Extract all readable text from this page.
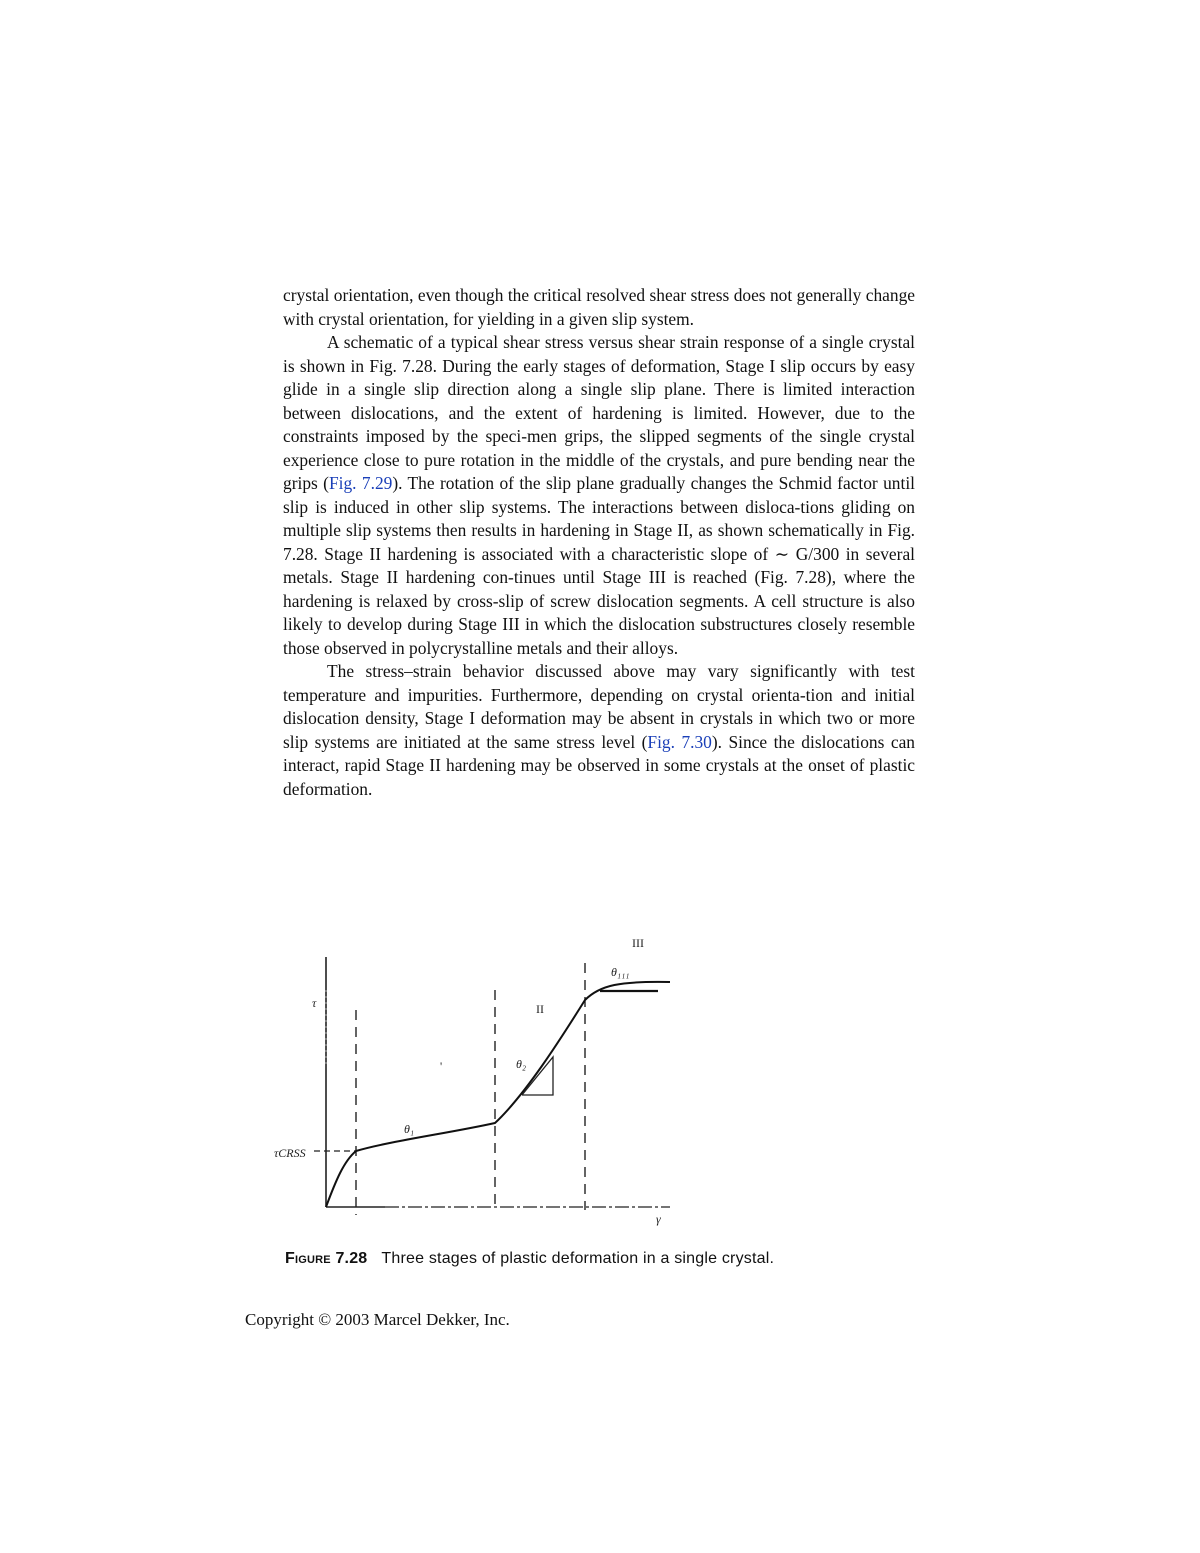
crystal orientation, even though the critical resolved shear stress does not generally change with crystal orientation, for yielding in a given slip system.

A schematic of a typical shear stress versus shear strain response of a single crystal is shown in Fig. 7.28. During the early stages of deformation, Stage I slip occurs by easy glide in a single slip direction along a single slip plane. There is limited interaction between dislocations, and the extent of hardening is limited. However, due to the constraints imposed by the speci-men grips, the slipped segments of the single crystal experience close to pure rotation in the middle of the crystals, and pure bending near the grips (Fig. 7.29). The rotation of the slip plane gradually changes the Schmid factor until slip is induced in other slip systems. The interactions between disloca-tions gliding on multiple slip systems then results in hardening in Stage II, as shown schematically in Fig. 7.28. Stage II hardening is associated with a characteristic slope of ∼ G/300 in several metals. Stage II hardening con-tinues until Stage III is reached (Fig. 7.28), where the hardening is relaxed by cross-slip of screw dislocation segments. A cell structure is also likely to develop during Stage III in which the dislocation substructures closely resemble those observed in polycrystalline metals and their alloys.

The stress–strain behavior discussed above may vary significantly with test temperature and impurities. Furthermore, depending on crystal orienta-tion and initial dislocation density, Stage I deformation may be absent in crystals in which two or more slip systems are initiated at the same stress level (Fig. 7.30). Since the dislocations can interact, rapid Stage II hardening may be observed in some crystals at the onset of plastic deformation.

III
II
'
θ₁
θ₂
θ₁₁₁
τCRSS
τ
γ
Figure 7.28 Three stages of plastic deformation in a single crystal.
Copyright © 2003 Marcel Dekker, Inc.
